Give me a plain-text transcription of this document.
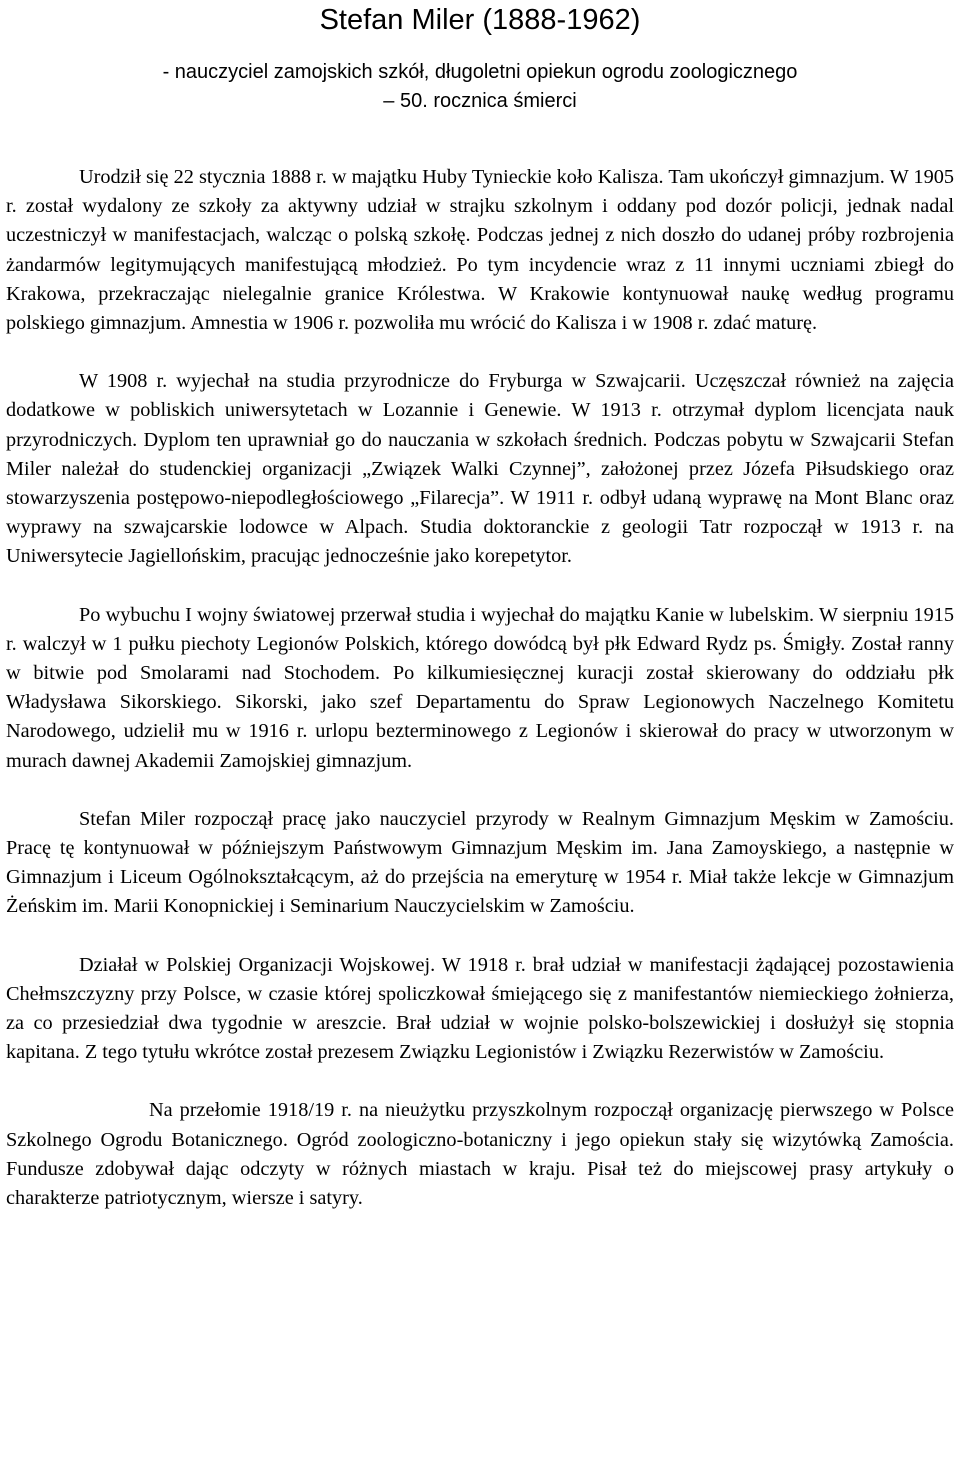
Stefan Miler (1888-1962)
- nauczyciel zamojskich szkół, długoletni opiekun ogrodu zoologicznego
– 50. rocznica śmierci

Urodził się 22 stycznia 1888 r. w majątku Huby Tynieckie koło Kalisza. Tam ukończył gimnazjum. W 1905 r. został wydalony ze szkoły za aktywny udział w strajku szkolnym i oddany pod dozór policji, jednak nadal uczestniczył w manifestacjach, walcząc o polską szkołę. Podczas jednej z nich doszło do udanej próby rozbrojenia żandarmów legitymujących manifestującą młodzież. Po tym incydencie wraz z 11 innymi uczniami zbiegł do Krakowa, przekraczając nielegalnie granice Królestwa. W Krakowie kontynuował naukę według programu polskiego gimnazjum. Amnestia w 1906 r. pozwoliła mu wrócić do Kalisza i w 1908 r. zdać maturę.

W 1908 r. wyjechał na studia przyrodnicze do Fryburga w Szwajcarii. Uczęszczał również na zajęcia dodatkowe w pobliskich uniwersytetach w Lozannie i Genewie. W 1913 r. otrzymał dyplom licencjata nauk przyrodniczych. Dyplom ten uprawniał go do nauczania w szkołach średnich. Podczas pobytu w Szwajcarii Stefan Miler należał do studenckiej organizacji „Związek Walki Czynnej”, założonej przez Józefa Piłsudskiego oraz stowarzyszenia postępowo-niepodległościowego „Filarecja”. W 1911 r. odbył udaną wyprawę na Mont Blanc oraz wyprawy na szwajcarskie lodowce w Alpach. Studia doktoranckie z geologii Tatr rozpoczął w 1913 r. na Uniwersytecie Jagiellońskim, pracując jednocześnie jako korepetytor.

Po wybuchu I wojny światowej przerwał studia i wyjechał do majątku Kanie w lubelskim. W sierpniu 1915 r. walczył w 1 pułku piechoty Legionów Polskich, którego dowódcą był płk Edward Rydz ps. Śmigły. Został ranny w bitwie pod Smolarami nad Stochodem. Po kilkumiesięcznej kuracji został skierowany do oddziału płk Władysława Sikorskiego. Sikorski, jako szef Departamentu do Spraw Legionowych Naczelnego Komitetu Narodowego, udzielił mu w 1916 r. urlopu bezterminowego z Legionów i skierował do pracy w utworzonym w murach dawnej Akademii Zamojskiej gimnazjum.

Stefan Miler rozpoczął pracę jako nauczyciel przyrody w Realnym Gimnazjum Męskim w Zamościu. Pracę tę kontynuował w późniejszym Państwowym Gimnazjum Męskim im. Jana Zamoyskiego, a następnie w Gimnazjum i Liceum Ogólnokształcącym, aż do przejścia na emeryturę w 1954 r. Miał także lekcje w Gimnazjum Żeńskim im. Marii Konopnickiej i Seminarium Nauczycielskim w Zamościu.

Działał w Polskiej Organizacji Wojskowej. W 1918 r. brał udział w manifestacji żądającej pozostawienia Chełmszczyzny przy Polsce, w czasie której spoliczkował śmiejącego się z manifestantów niemieckiego żołnierza, za co przesiedział dwa tygodnie w areszcie. Brał udział w wojnie polsko-bolszewickiej i dosłużył się stopnia kapitana. Z tego tytułu wkrótce został prezesem Związku Legionistów i Związku Rezerwistów w Zamościu.

Na przełomie 1918/19 r. na nieużytku przyszkolnym rozpoczął organizację pierwszego w Polsce Szkolnego Ogrodu Botanicznego. Ogród zoologiczno-botaniczny i jego opiekun stały się wizytówką Zamościa. Fundusze zdobywał dając odczyty w różnych miastach w kraju. Pisał też do miejscowej prasy artykuły o charakterze patriotycznym, wiersze i satyry.
